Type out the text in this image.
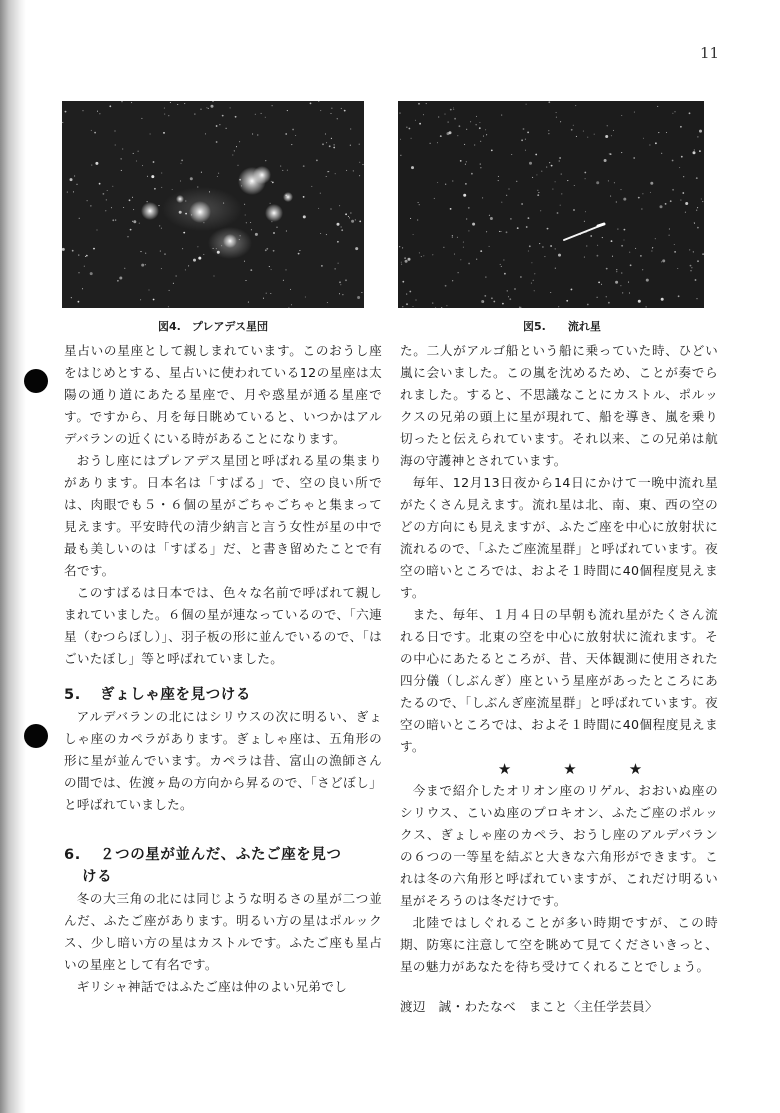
11
図4.　プレアデス星団	図5.　　流れ星

星占いの星座として親しまれています。このおうし座をはじめとする、星占いに使われている12の星座は太陽の通り道にあたる星座で、月や惑星が通る星座です。ですから、月を毎日眺めていると、いつかはアルデバランの近くにいる時があることになります。

おうし座にはプレアデス星団と呼ばれる星の集まりがあります。日本名は「すばる」で、空の良い所では、肉眼でも５・６個の星がごちゃごちゃと集まって見えます。平安時代の清少納言と言う女性が星の中で最も美しいのは「すばる」だ、と書き留めたことで有名です。

このすばるは日本では、色々な名前で呼ばれて親しまれていました。６個の星が連なっているので、「六連星（むつらぼし）」、羽子板の形に並んでいるので、「はごいたぼし」等と呼ばれていました。

5. ぎょしゃ座を見つける

アルデバランの北にはシリウスの次に明るい、ぎょしゃ座のカペラがあります。ぎょしゃ座は、五角形の形に星が並んでいます。カペラは昔、富山の漁師さんの間では、佐渡ヶ島の方向から昇るので、「さどぼし」と呼ばれていました。

6. ２つの星が並んだ、ふたご座を見つ
ける

冬の大三角の北には同じような明るさの星が二つ並んだ、ふたご座があります。明るい方の星はポルックス、少し暗い方の星はカストルです。ふたご座も星占いの星座として有名です。

ギリシャ神話ではふたご座は仲のよい兄弟でし

た。二人がアルゴ船という船に乗っていた時、ひどい嵐に会いました。この嵐を沈めるため、ことが奏でられました。すると、不思議なことにカストル、ポルックスの兄弟の頭上に星が現れて、船を導き、嵐を乗り切ったと伝えられています。それ以来、この兄弟は航海の守護神とされています。

毎年、12月13日夜から14日にかけて一晩中流れ星がたくさん見えます。流れ星は北、南、東、西の空のどの方向にも見えますが、ふたご座を中心に放射状に流れるので、「ふたご座流星群」と呼ばれています。夜空の暗いところでは、およそ１時間に40個程度見えます。

また、毎年、１月４日の早朝も流れ星がたくさん流れる日です。北東の空を中心に放射状に流れます。その中心にあたるところが、昔、天体観測に使用された四分儀（しぶんぎ）座という星座があったところにあたるので、「しぶんぎ座流星群」と呼ばれています。夜空の暗いところでは、およそ１時間に40個程度見えます。

★	★	★

今まで紹介したオリオン座のリゲル、おおいぬ座のシリウス、こいぬ座のプロキオン、ふたご座のポルックス、ぎょしゃ座のカペラ、おうし座のアルデバランの６つの一等星を結ぶと大きな六角形ができます。これは冬の六角形と呼ばれていますが、これだけ明るい星がそろうのは冬だけです。

北陸ではしぐれることが多い時期ですが、この時期、防寒に注意して空を眺めて見てくださいきっと、星の魅力があなたを待ち受けてくれることでしょう。

渡辺　誠・わたなべ　まこと〈主任学芸員〉
